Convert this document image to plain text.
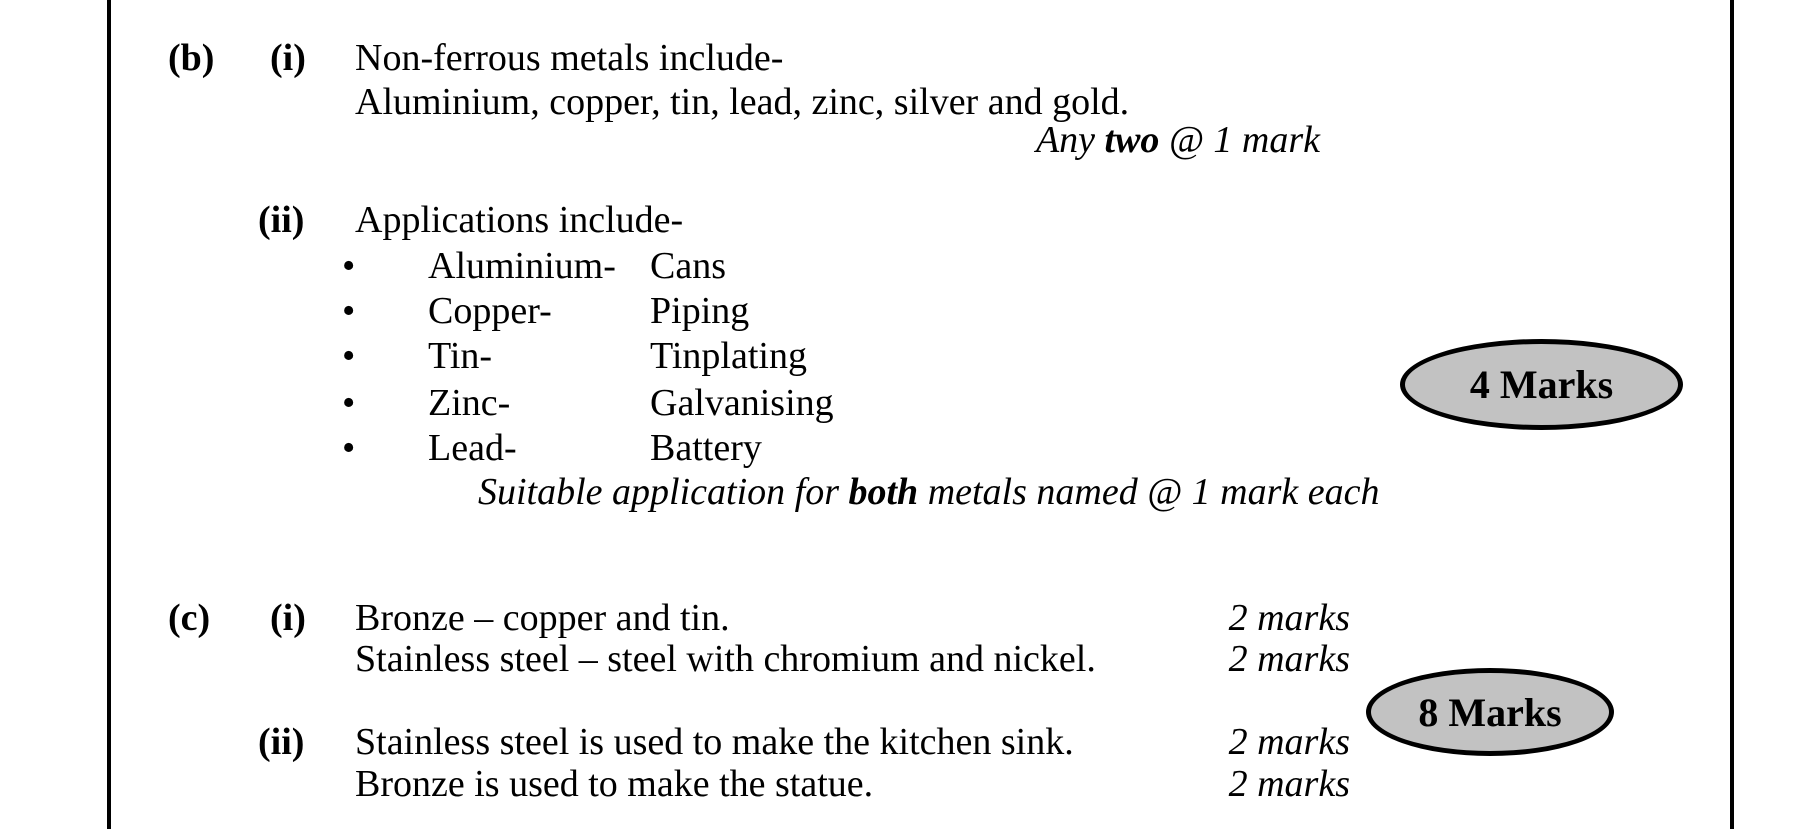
(b) (i) Non-ferrous metals include-
Aluminium, copper, tin, lead, zinc, silver and gold.
Any two @ 1 mark
(ii) Applications include-
• Aluminium- Cans
• Copper-	Piping
• Tin-	Tinplating
• Zinc-	Galvanising
• Lead-	Battery
Suitable application for both metals named @ 1 mark each
4 Marks
(c) (i) Bronze – copper and tin.	2 marks
Stainless steel – steel with chromium and nickel.	2 marks
(ii) Stainless steel is used to make the kitchen sink.	2 marks
Bronze is used to make the statue.	2 marks
8 Marks
